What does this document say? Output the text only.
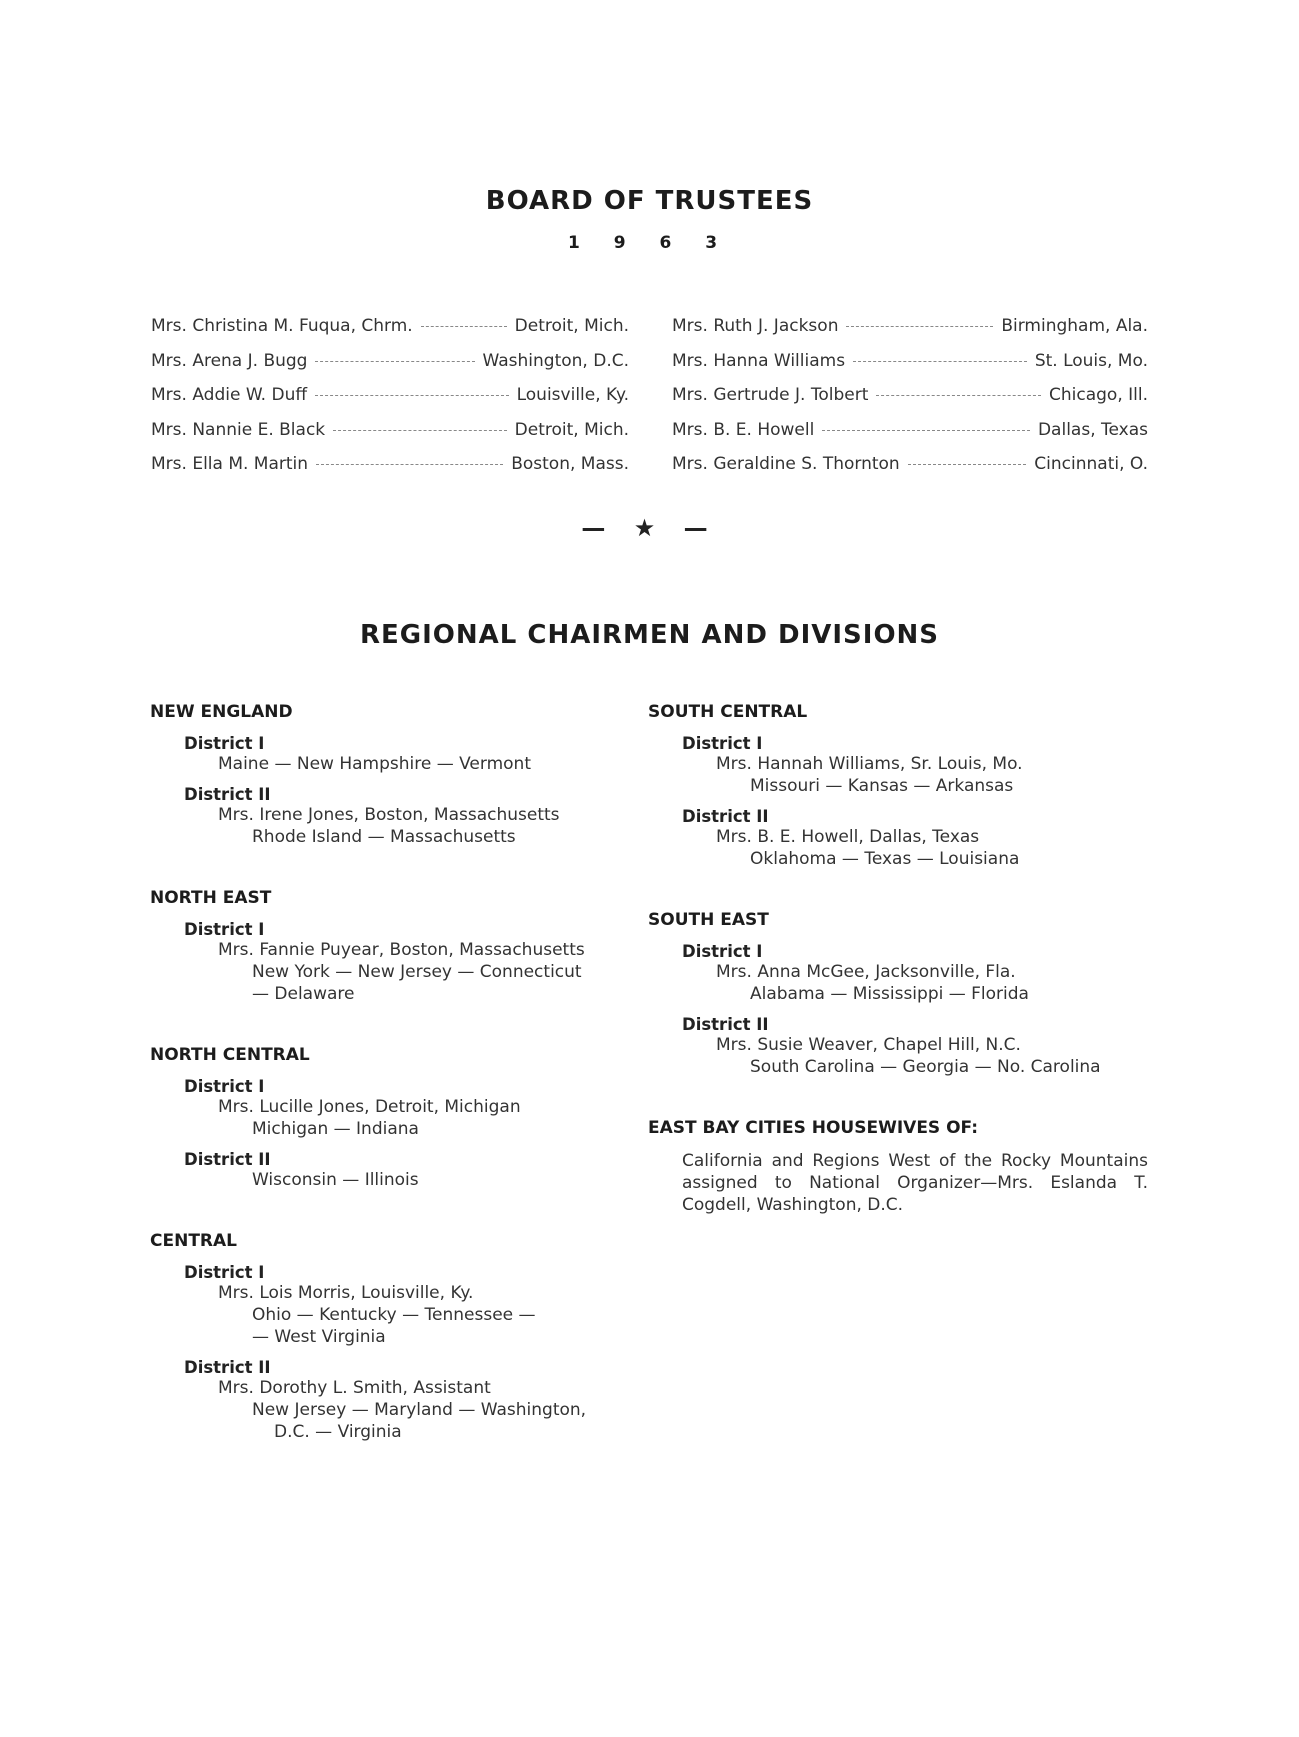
BOARD OF TRUSTEES
1 9 6 3
Mrs. Christina M. Fuqua, Chrm.	Detroit, Mich.
Mrs. Arena J. Bugg	Washington, D.C.
Mrs. Addie W. Duff	Louisville, Ky.
Mrs. Nannie E. Black	Detroit, Mich.
Mrs. Ella M. Martin	Boston, Mass.
Mrs. Ruth J. Jackson	Birmingham, Ala.
Mrs. Hanna Williams	St. Louis, Mo.
Mrs. Gertrude J. Tolbert	Chicago, Ill.
Mrs. B. E. Howell	Dallas, Texas
Mrs. Geraldine S. Thornton	Cincinnati, O.
— ★ —
REGIONAL CHAIRMEN AND DIVISIONS
NEW ENGLAND
District I
Maine — New Hampshire — Vermont
District II
Mrs. Irene Jones, Boston, Massachusetts
Rhode Island — Massachusetts
NORTH EAST
District I
Mrs. Fannie Puyear, Boston, Massachusetts
New York — New Jersey — Connecticut
— Delaware
NORTH CENTRAL
District I
Mrs. Lucille Jones, Detroit, Michigan
Michigan — Indiana
District II
Wisconsin — Illinois
CENTRAL
District I
Mrs. Lois Morris, Louisville, Ky.
Ohio — Kentucky — Tennessee —
— West Virginia
District II
Mrs. Dorothy L. Smith, Assistant
New Jersey — Maryland — Washington,
D.C. — Virginia
SOUTH CENTRAL
District I
Mrs. Hannah Williams, Sr. Louis, Mo.
Missouri — Kansas — Arkansas
District II
Mrs. B. E. Howell, Dallas, Texas
Oklahoma — Texas — Louisiana
SOUTH EAST
District I
Mrs. Anna McGee, Jacksonville, Fla.
Alabama — Mississippi — Florida
District II
Mrs. Susie Weaver, Chapel Hill, N.C.
South Carolina — Georgia — No. Carolina
EAST BAY CITIES HOUSEWIVES OF:
California and Regions West of the Rocky Mountains assigned to National Organizer—Mrs. Eslanda T. Cogdell, Washington, D.C.
